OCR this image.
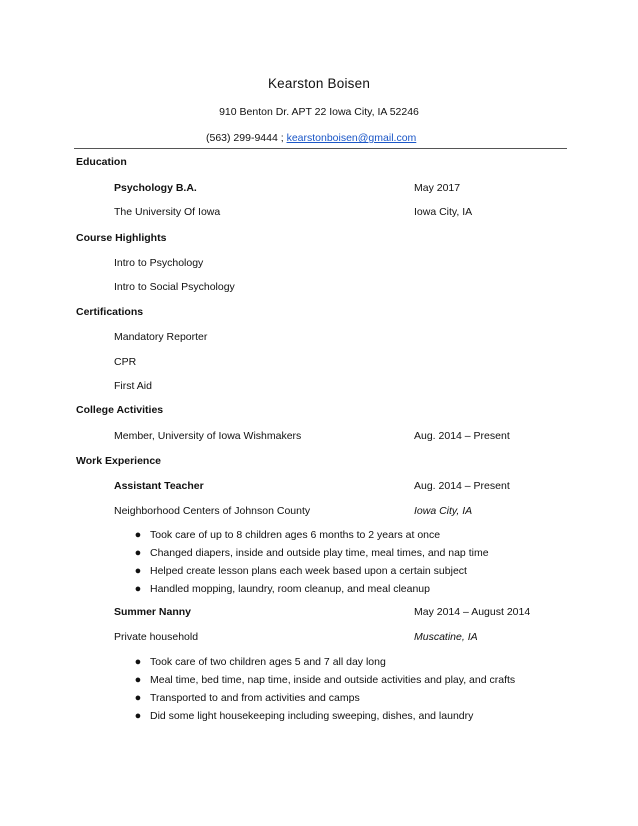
Kearston Boisen
910 Benton Dr. APT 22 Iowa City, IA 52246
(563) 299-9444 ; kearstonboisen@gmail.com
Education
Psychology B.A.	May 2017
The University Of Iowa	Iowa City, IA
Course Highlights
Intro to Psychology
Intro to Social Psychology
Certifications
Mandatory Reporter
CPR
First Aid
College Activities
Member, University of Iowa Wishmakers	Aug. 2014 – Present
Work Experience
Assistant Teacher	Aug. 2014 – Present
Neighborhood Centers of Johnson County	Iowa City, IA
● Took care of up to 8 children ages 6 months to 2 years at once
● Changed diapers, inside and outside play time, meal times, and nap time
● Helped create lesson plans each week based upon a certain subject
● Handled mopping, laundry, room cleanup, and meal cleanup
Summer Nanny	May 2014 – August 2014
Private household	Muscatine, IA
● Took care of two children ages 5 and 7 all day long
● Meal time, bed time, nap time, inside and outside activities and play, and crafts
● Transported to and from activities and camps
● Did some light housekeeping including sweeping, dishes, and laundry
